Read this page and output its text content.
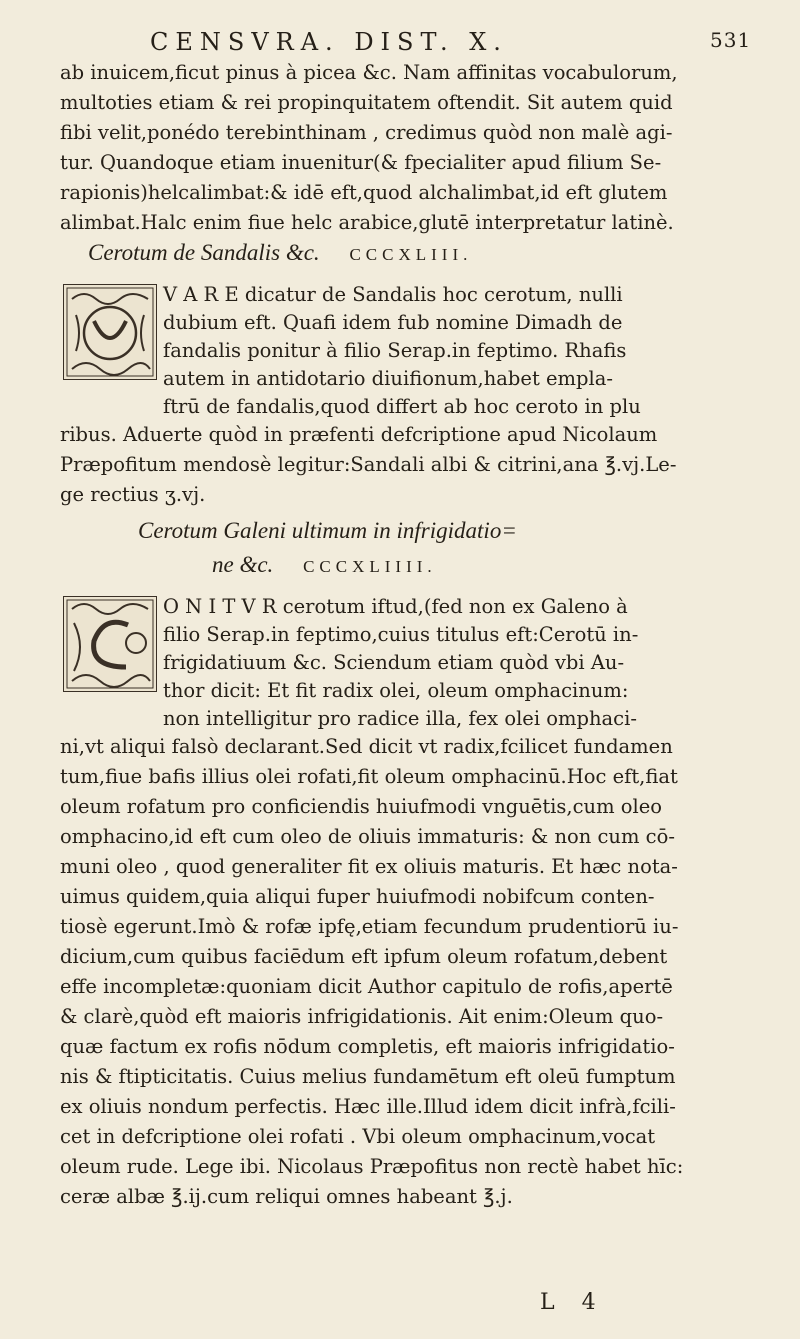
CENSVRA. DIST. X.	531
ab inuicem,ficut pinus à picea &c. Nam affinitas vocabulorum,
multoties etiam & rei propinquitatem oftendit. Sit autem quid
fibi velit,ponédo terebinthinam , credimus quòd non malè agi-
tur. Quandoque etiam inuenitur(& fpecialiter apud filium Se-
rapionis)helcalimbat:& idē eft,quod alchalimbat,id eft glutem
alimbat.Halc enim fiue helc arabice,glutē interpretatur latinè.
Cerotum de Sandalis &c. CCCXLIII.
V A R E dicatur de Sandalis hoc cerotum, nulli
dubium eft. Quafi idem fub nomine Dimadh de
fandalis ponitur à filio Serap.in feptimo. Rhafis
autem in antidotario diuifionum,habet empla-
ftrū de fandalis,quod differt ab hoc ceroto in plu
ribus. Aduerte quòd in præfenti defcriptione apud Nicolaum
Præpofitum mendosè legitur:Sandali albi & citrini,ana ℥.vj.Le-
ge rectius ʒ.vj.
Cerotum Galeni ultimum in infrigidatio=
ne &c. CCCXLIIII.
O N I T V R cerotum iftud,(fed non ex Galeno à
filio Serap.in feptimo,cuius titulus eft:Cerotū in-
frigidatiuum &c. Sciendum etiam quòd vbi Au-
thor dicit: Et fit radix olei, oleum omphacinum:
non intelligitur pro radice illa, fex olei omphaci-
ni,vt aliqui falsò declarant.Sed dicit vt radix,fcilicet fundamen
tum,fiue bafis illius olei rofati,fit oleum omphacinū.Hoc eft,fiat
oleum rofatum pro conficiendis huiufmodi vnguētis,cum oleo
omphacino,id eft cum oleo de oliuis immaturis: & non cum cō-
muni oleo , quod generaliter fit ex oliuis maturis. Et hæc nota-
uimus quidem,quia aliqui fuper huiufmodi nobifcum conten-
tiosè egerunt.Imò & rofæ ipfę,etiam fecundum prudentiorū iu-
dicium,cum quibus faciēdum eft ipfum oleum rofatum,debent
effe incompletæ:quoniam dicit Author capitulo de rofis,apertē
& clarè,quòd eft maioris infrigidationis. Ait enim:Oleum quo-
quæ factum ex rofis nōdum completis, eft maioris infrigidatio-
nis & ftipticitatis. Cuius melius fundamētum eft oleū fumptum
ex oliuis nondum perfectis. Hæc ille.Illud idem dicit infrà,fcili-
cet in defcriptione olei rofati . Vbi oleum omphacinum,vocat
oleum rude. Lege ibi. Nicolaus Præpofitus non rectè habet hīc:
ceræ albæ ℥.ij.cum reliqui omnes habeant ℥.j.
L 4
